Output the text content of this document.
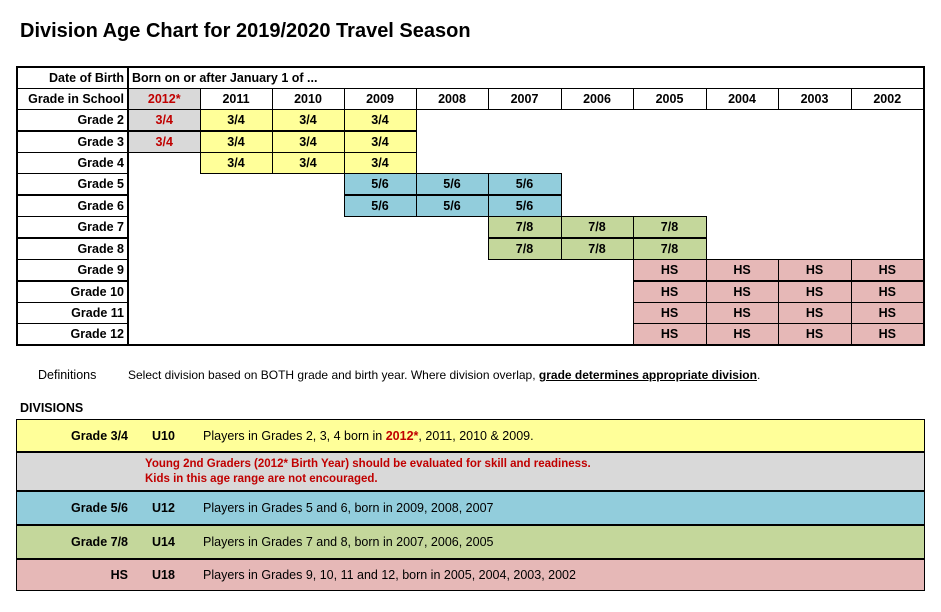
Division Age Chart for 2019/2020 Travel Season
Date of Birth	Born on or after January 1 of ...										
Grade in School	2012*	2011	2010	2009	2008	2007	2006	2005	2004	2003	2002
Grade 2	3/4	3/4	3/4	3/4							
Grade 3	3/4	3/4	3/4	3/4							
Grade 4		3/4	3/4	3/4							
Grade 5				5/6	5/6	5/6					
Grade 6				5/6	5/6	5/6					
Grade 7						7/8	7/8	7/8			
Grade 8						7/8	7/8	7/8			
Grade 9								HS	HS	HS	HS
Grade 10								HS	HS	HS	HS
Grade 11								HS	HS	HS	HS
Grade 12								HS	HS	HS	HS
Definitions	Select division based on BOTH grade and birth year. Where division overlap, grade determines appropriate division.
DIVISIONS
Grade 3/4 U10 Players in Grades 2, 3, 4 born in 2012*, 2011, 2010 & 2009.
Young 2nd Graders (2012* Birth Year) should be evaluated for skill and readiness.
Kids in this age range are not encouraged.
Grade 5/6 U12 Players in Grades 5 and 6, born in 2009, 2008, 2007
Grade 7/8 U14 Players in Grades 7 and 8, born in 2007, 2006, 2005
HS U18 Players in Grades 9, 10, 11 and 12, born in 2005, 2004, 2003, 2002
